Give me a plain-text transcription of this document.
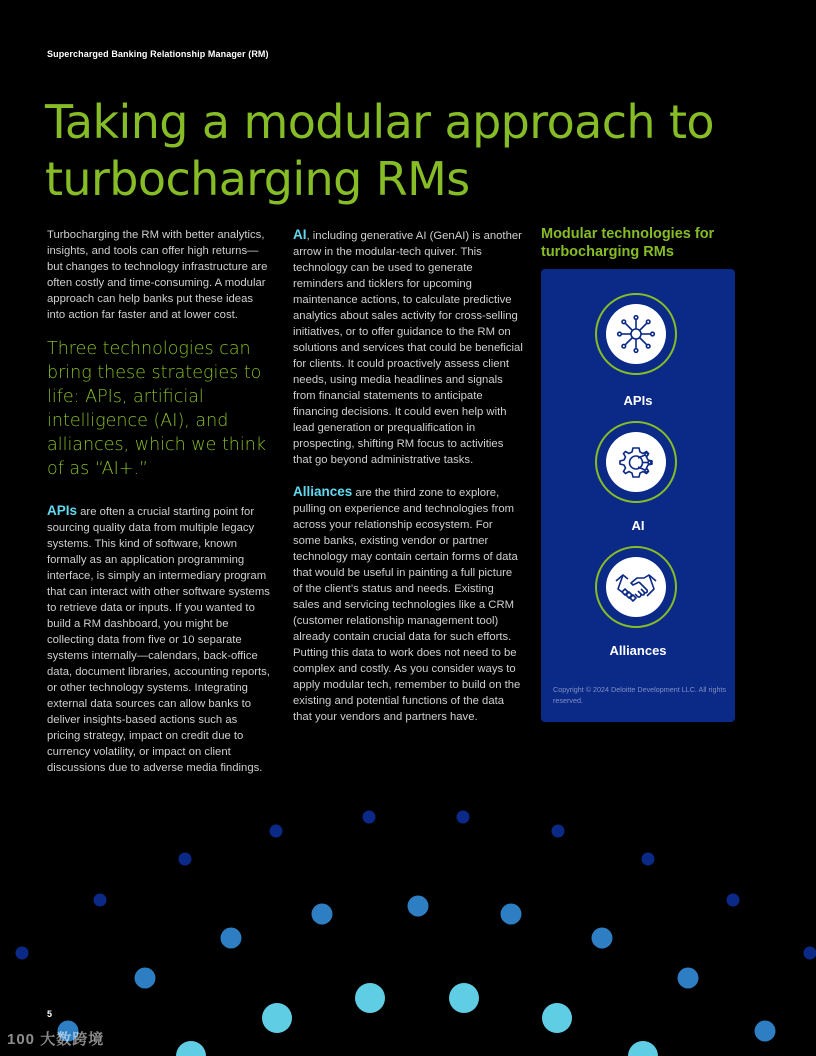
Supercharged Banking Relationship Manager (RM)
Taking a modular approach to
turbocharging RMs

Turbocharging the RM with better analytics, insights, and tools can offer high returns—but changes to technology infrastructure are often costly and time-consuming. A modular approach can help banks put these ideas into action far faster and at lower cost.

Three technologies can bring these strategies to life: APIs, artificial intelligence (AI), and alliances, which we think of as “AI+.”

APIs are often a crucial starting point for sourcing quality data from multiple legacy systems. This kind of software, known formally as an application programming interface, is simply an intermediary program that can interact with other software systems to retrieve data or inputs. If you wanted to build a RM dashboard, you might be collecting data from five or 10 separate systems internally—calendars, back-office data, document libraries, accounting reports, or other technology systems. Integrating external data sources can allow banks to deliver insights-based actions such as pricing strategy, impact on credit due to currency volatility, or impact on client discussions due to adverse media findings.

AI, including generative AI (GenAI) is another arrow in the modular-tech quiver. This technology can be used to generate reminders and ticklers for upcoming maintenance actions, to calculate predictive analytics about sales activity for cross-selling initiatives, or to offer guidance to the RM on solutions and services that could be beneficial for clients. It could proactively assess client needs, using media headlines and signals from financial statements to anticipate financing decisions. It could even help with lead generation or prequalification in prospecting, shifting RM focus to activities that go beyond administrative tasks.

Alliances are the third zone to explore, pulling on experience and technologies from across your relationship ecosystem. For some banks, existing vendor or partner technology may contain certain forms of data that would be useful in painting a full picture of the client’s status and needs. Existing sales and servicing technologies like a CRM (customer relationship management tool) already contain crucial data for such efforts. Putting this data to work does not need to be complex and costly. As you consider ways to apply modular tech, remember to build on the existing and potential functions of the data that your vendors and partners have.

Modular technologies for turbocharging RMs
APIs
AI
Alliances
Copyright © 2024 Deloitte Development LLC. All rights reserved.
5
100 大数跨境
